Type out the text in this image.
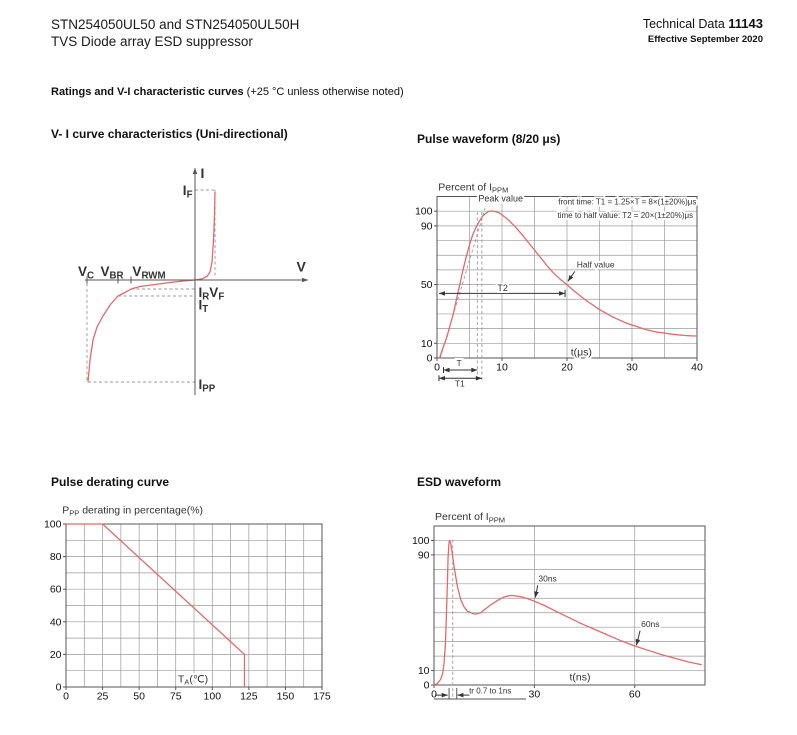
STN254050UL50 and STN254050UL50H
TVS Diode array ESD suppressor
Technical Data 11143
Effective September 2020
Ratings and V-I characteristic curves (+25 °C unless otherwise noted)
V- I curve characteristics (Uni-directional)	Pulse waveform (8/20 μs)
Pulse derating curve	ESD waveform
$I_F$
$V_C$ $V_{BR}$ $V_{RWM}$
$I_RV_F$
$I_T$
$I_{PP}$
V
I
0	10	20	30	40
100
90
50
10
0
Peak value	front time: T1 = 1.25×T = 8×(1±20%)μs
time to half value: T2 = 20×(1±20%)μs
Half value
T2
T
T1
t(μs)
Percent of $I_{PPM}$
0	25 50 75 100 125 150 175
0
20
40
60
80
100
$T_A(℃)$
$P_{PP}$ derating in percentage(%)
0	30	60
100
90
10
0
30ns
60ns
tr 0.7 to 1ns
t(ns)
Percent of $I_{PPM}$
